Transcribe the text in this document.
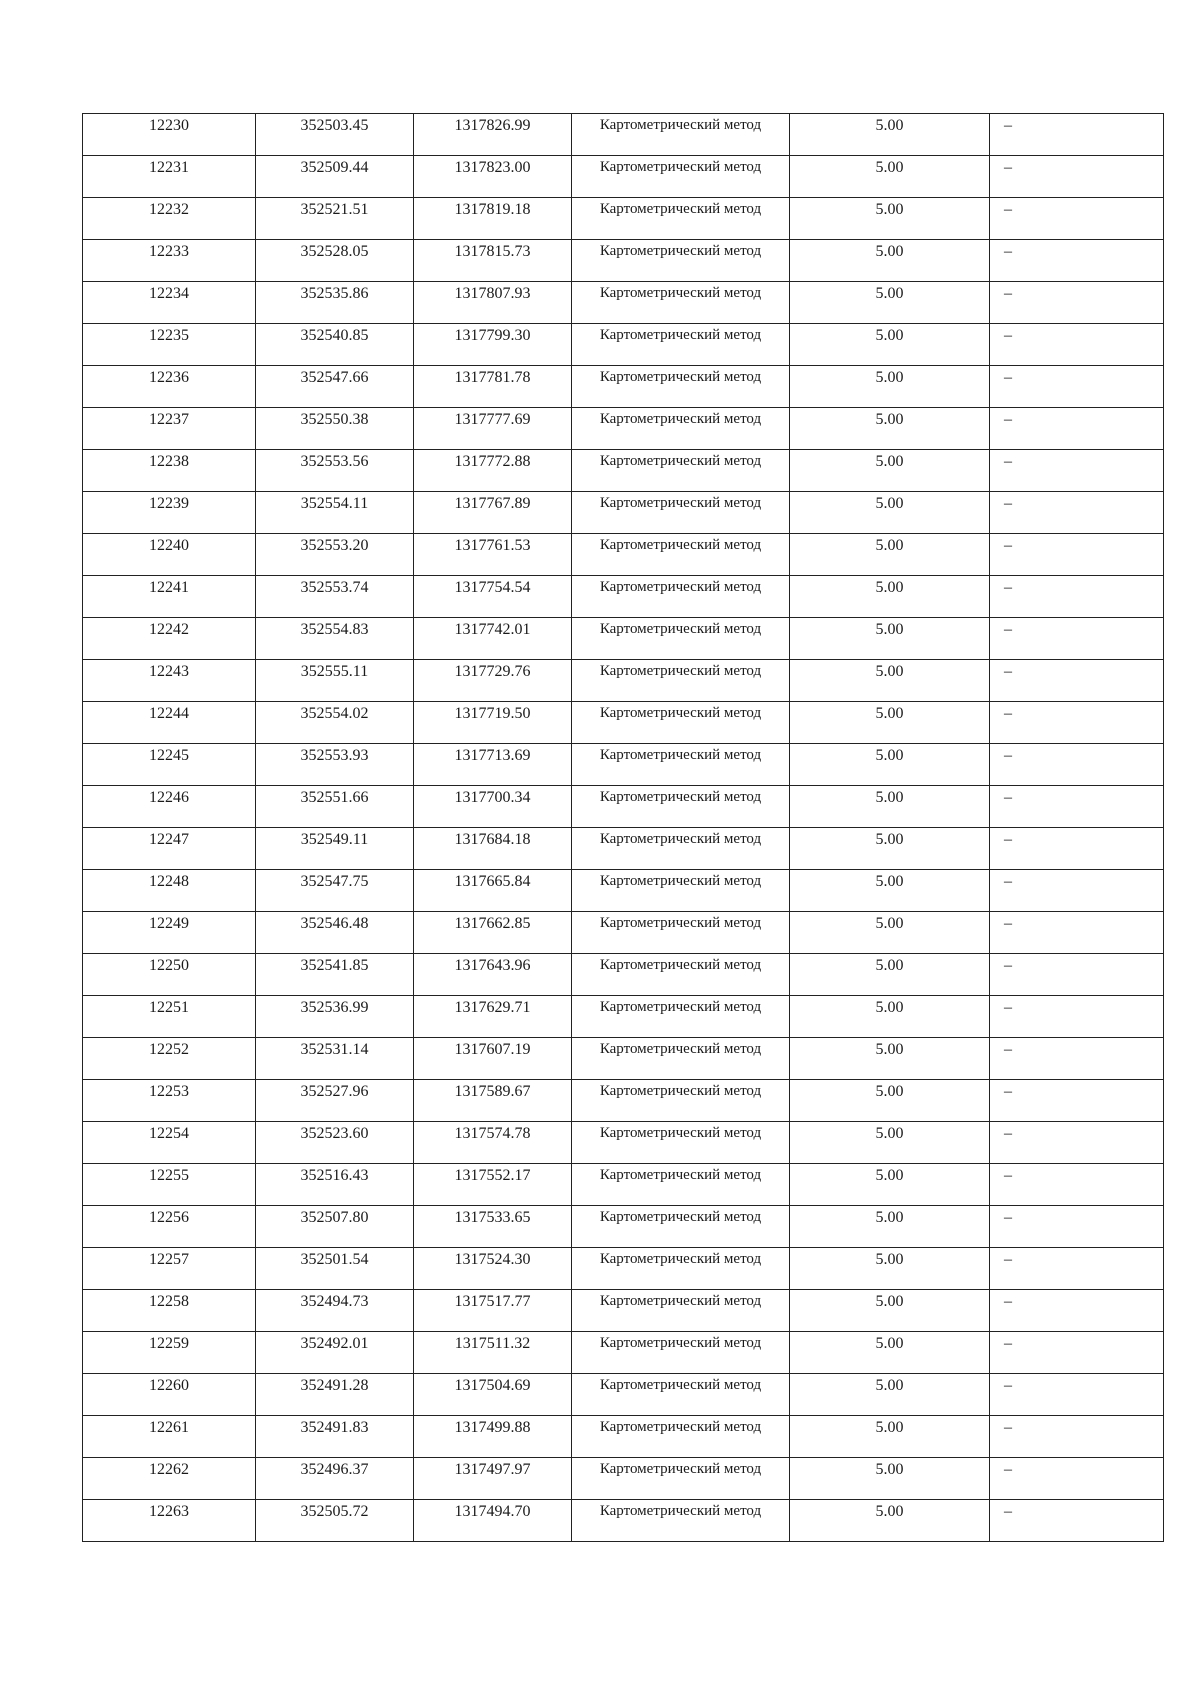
12230	352503.45	1317826.99	Картометрический метод	5.00	–
12231	352509.44	1317823.00	Картометрический метод	5.00	–
12232	352521.51	1317819.18	Картометрический метод	5.00	–
12233	352528.05	1317815.73	Картометрический метод	5.00	–
12234	352535.86	1317807.93	Картометрический метод	5.00	–
12235	352540.85	1317799.30	Картометрический метод	5.00	–
12236	352547.66	1317781.78	Картометрический метод	5.00	–
12237	352550.38	1317777.69	Картометрический метод	5.00	–
12238	352553.56	1317772.88	Картометрический метод	5.00	–
12239	352554.11	1317767.89	Картометрический метод	5.00	–
12240	352553.20	1317761.53	Картометрический метод	5.00	–
12241	352553.74	1317754.54	Картометрический метод	5.00	–
12242	352554.83	1317742.01	Картометрический метод	5.00	–
12243	352555.11	1317729.76	Картометрический метод	5.00	–
12244	352554.02	1317719.50	Картометрический метод	5.00	–
12245	352553.93	1317713.69	Картометрический метод	5.00	–
12246	352551.66	1317700.34	Картометрический метод	5.00	–
12247	352549.11	1317684.18	Картометрический метод	5.00	–
12248	352547.75	1317665.84	Картометрический метод	5.00	–
12249	352546.48	1317662.85	Картометрический метод	5.00	–
12250	352541.85	1317643.96	Картометрический метод	5.00	–
12251	352536.99	1317629.71	Картометрический метод	5.00	–
12252	352531.14	1317607.19	Картометрический метод	5.00	–
12253	352527.96	1317589.67	Картометрический метод	5.00	–
12254	352523.60	1317574.78	Картометрический метод	5.00	–
12255	352516.43	1317552.17	Картометрический метод	5.00	–
12256	352507.80	1317533.65	Картометрический метод	5.00	–
12257	352501.54	1317524.30	Картометрический метод	5.00	–
12258	352494.73	1317517.77	Картометрический метод	5.00	–
12259	352492.01	1317511.32	Картометрический метод	5.00	–
12260	352491.28	1317504.69	Картометрический метод	5.00	–
12261	352491.83	1317499.88	Картометрический метод	5.00	–
12262	352496.37	1317497.97	Картометрический метод	5.00	–
12263	352505.72	1317494.70	Картометрический метод	5.00	–
